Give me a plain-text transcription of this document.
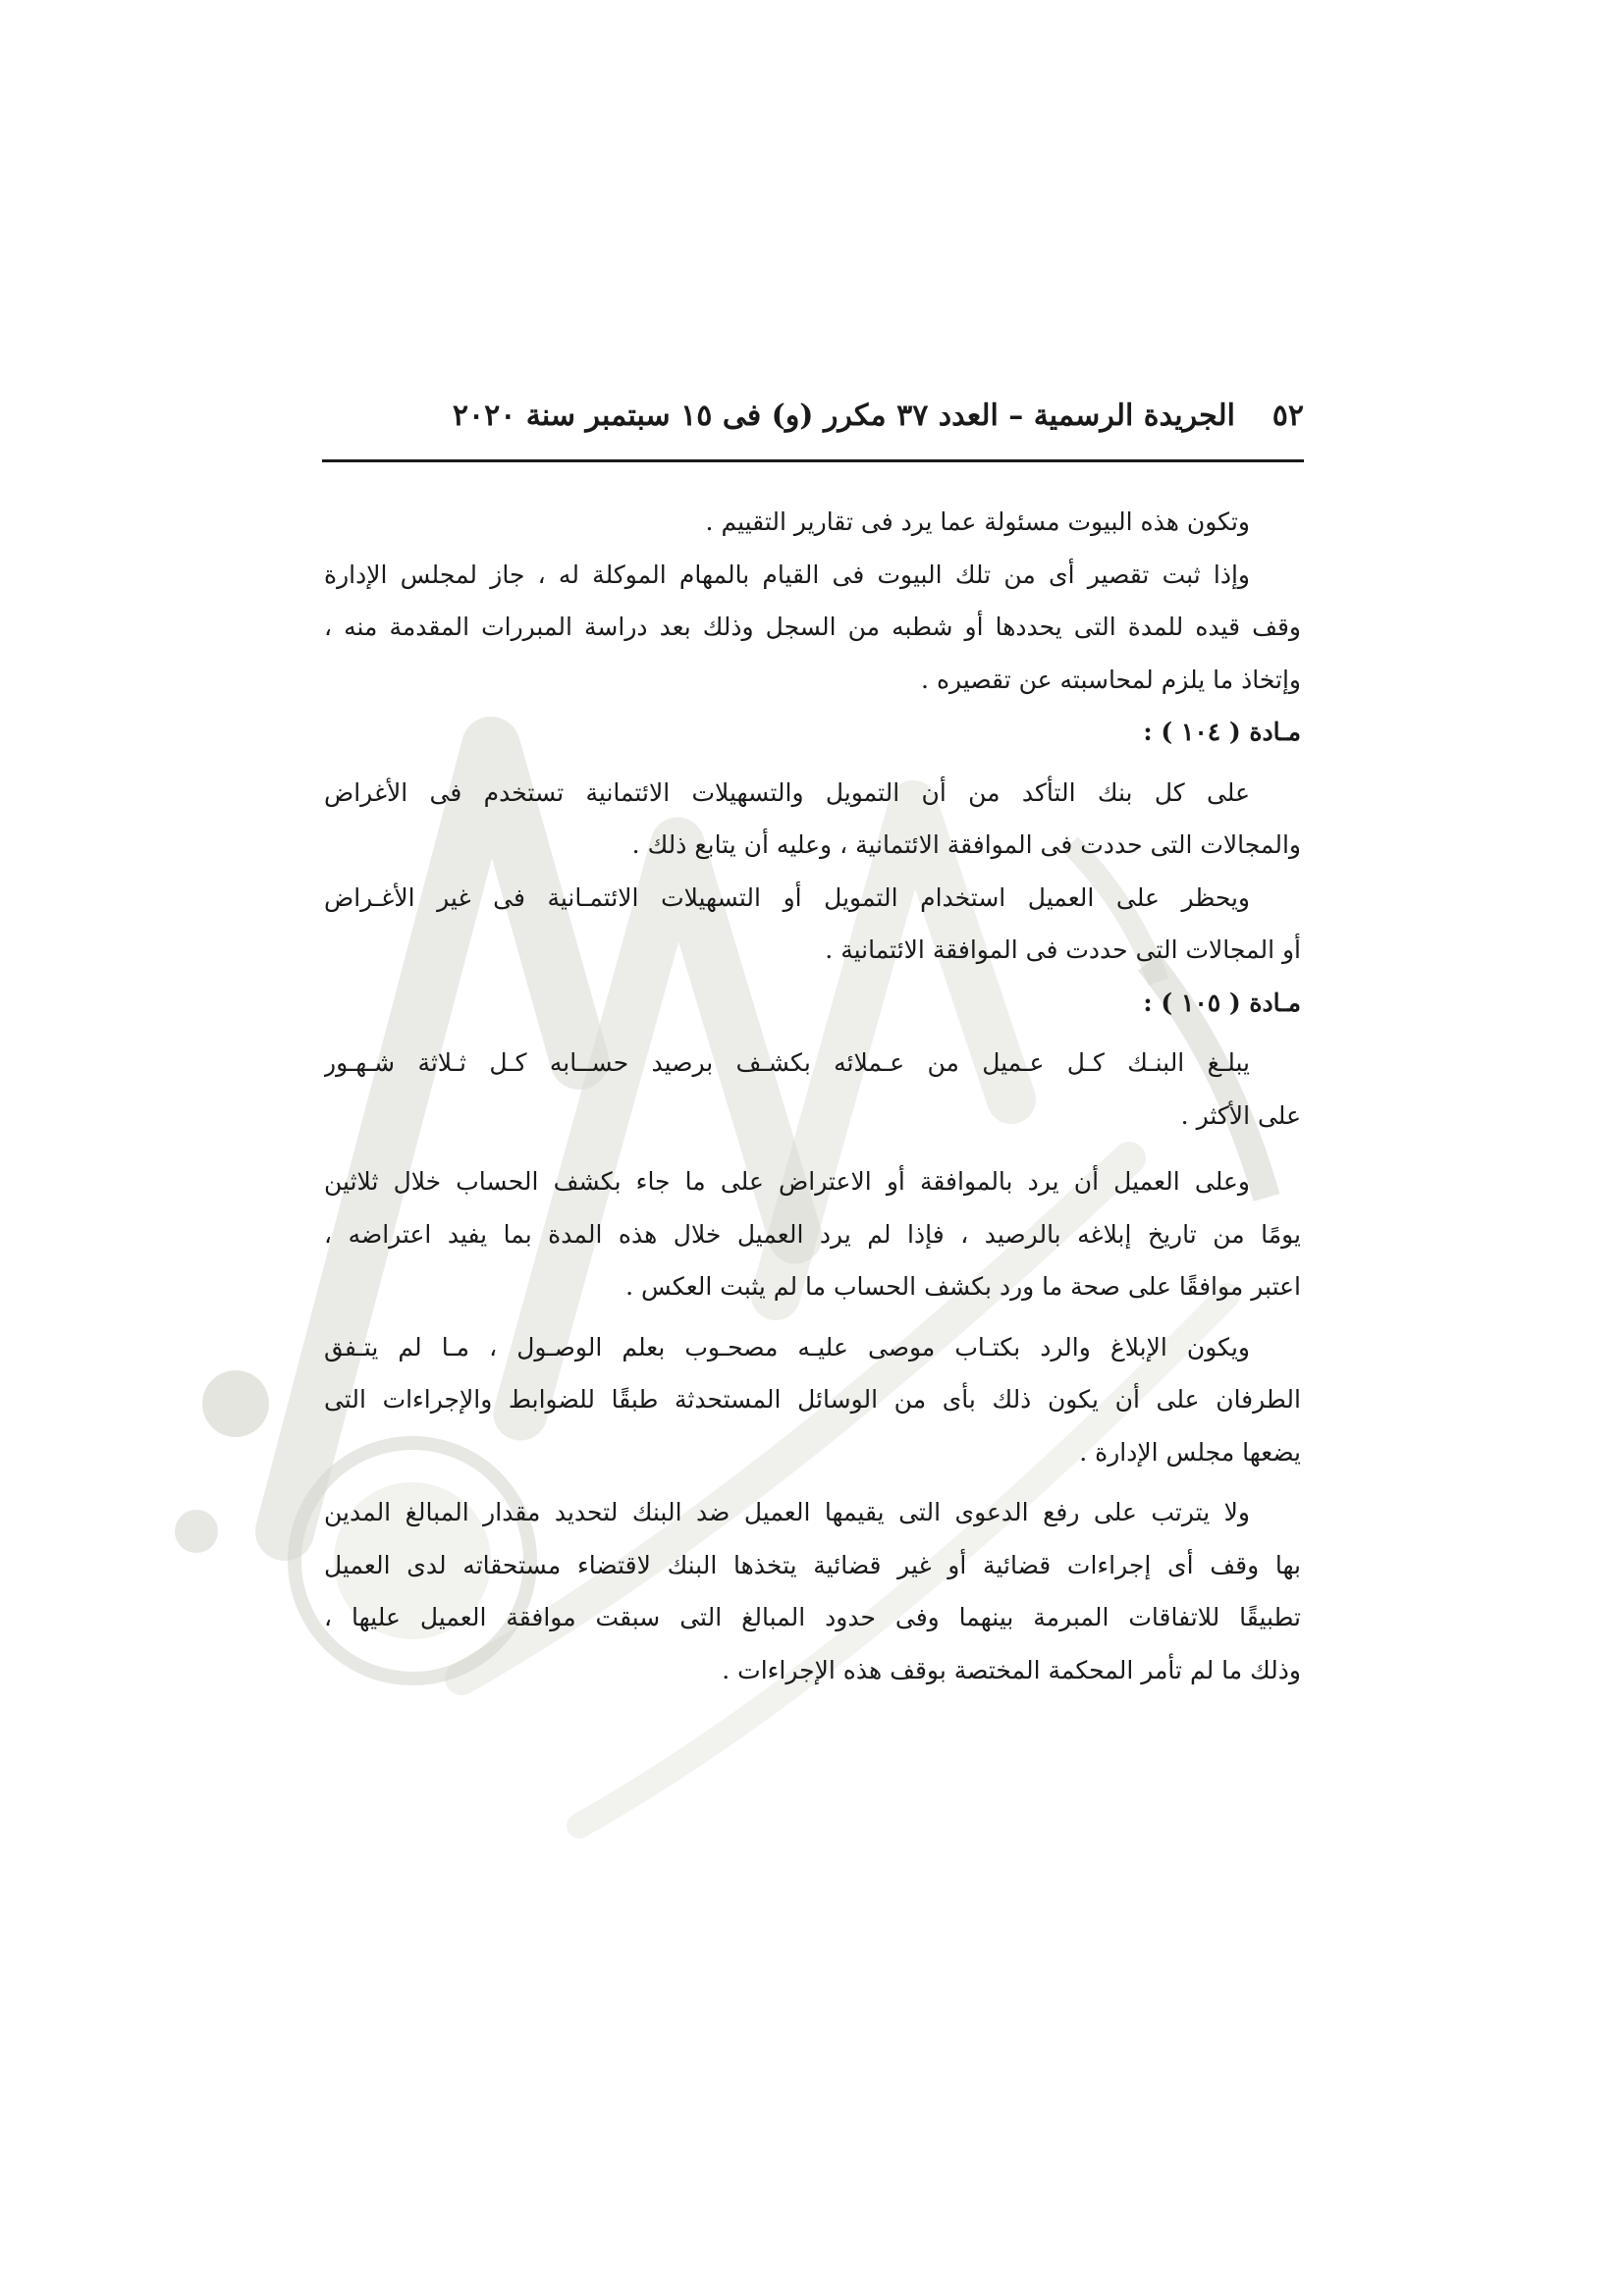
٥٢
الجريدة الرسمية – العدد ٣٧ مكرر (و) فى ١٥ سبتمبر سنة ٢٠٢٠
وتكون هذه البيوت مسئولة عما يرد فى تقارير التقييم .
وإذا ثبت تقصير أى من تلك البيوت فى القيام بالمهام الموكلة له ، جاز لمجلس الإدارة
وقف قيده للمدة التى يحددها أو شطبه من السجل وذلك بعد دراسة المبررات المقدمة منه ،
وإتخاذ ما يلزم لمحاسبته عن تقصيره .
مـادة ( ١٠٤ ) :
على كل بنك التأكد من أن التمويل والتسهيلات الائتمانية تستخدم فى الأغراض
والمجالات التى حددت فى الموافقة الائتمانية ، وعليه أن يتابع ذلك .
ويحظر على العميل استخدام التمويل أو التسهيلات الائتمـانية فى غير الأغـراض
أو المجالات التى حددت فى الموافقة الائتمانية .
مـادة ( ١٠٥ ) :
يبلـغ البنـك كـل عـميل من عـملائه بكشـف برصيد حســابه كـل ثـلاثة شـهـور
على الأكثر .
وعلى العميل أن يرد بالموافقة أو الاعتراض على ما جاء بكشف الحساب خلال ثلاثين
يومًا من تاريخ إبلاغه بالرصيد ، فإذا لم يرد العميل خلال هذه المدة بما يفيد اعتراضه ،
اعتبر موافقًا على صحة ما ورد بكشف الحساب ما لم يثبت العكس .
ويكون الإبلاغ والرد بكتـاب موصى عليـه مصحـوب بعلم الوصـول ، مـا لم يتـفق
الطرفان على أن يكون ذلك بأى من الوسائل المستحدثة طبقًا للضوابط والإجراءات التى
يضعها مجلس الإدارة .
ولا يترتب على رفع الدعوى التى يقيمها العميل ضد البنك لتحديد مقدار المبالغ المدين
بها وقف أى إجراءات قضائية أو غير قضائية يتخذها البنك لاقتضاء مستحقاته لدى العميل
تطبيقًا للاتفاقات المبرمة بينهما وفى حدود المبالغ التى سبقت موافقة العميل عليها ،
وذلك ما لم تأمر المحكمة المختصة بوقف هذه الإجراءات .
